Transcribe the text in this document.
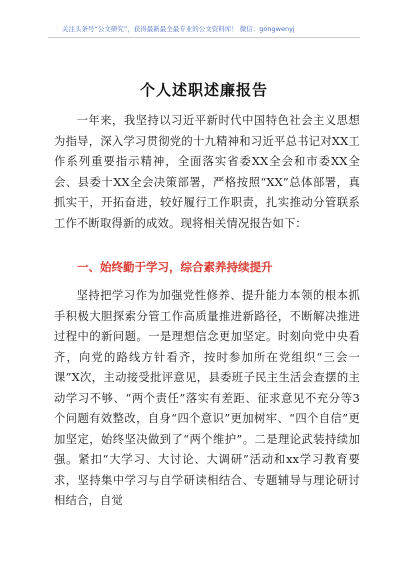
关注头条号“公文研究”，获得最新最全最专业的公文资料库！ 微信：gongwenyj
个人述职述廉报告

一年来，我坚持以习近平新时代中国特色社会主义思想为指导，深入学习贯彻党的十九精神和习近平总书记对XX工作系列重要指示精神，全面落实省委XX全会和市委XX全会、县委十XX全会决策部署，严格按照“XX”总体部署，真抓实干，开拓奋进，较好履行工作职责，扎实推动分管联系工作不断取得新的成效。现将相关情况报告如下：

一、始终勤于学习，综合素养持续提升

坚持把学习作为加强党性修养、提升能力本领的根本抓手积极大胆探索分管工作高质量推进新路径，不断解决推进过程中的新问题。一是理想信念更加坚定。时刻向党中央看齐，向党的路线方针看齐，按时参加所在党组织“三会一课”X次，主动接受批评意见，县委班子民主生活会查摆的主动学习不够、“两个责任”落实有差距、征求意见不充分等3个问题有效整改，自身“四个意识”更加树牢、“四个自信”更加坚定，始终坚决做到了“两个维护”。二是理论武装持续加强。紧扣“大学习、大讨论、大调研”活动和xx学习教育要求，坚持集中学习与自学研读相结合、专题辅导与理论研讨相结合，自觉
